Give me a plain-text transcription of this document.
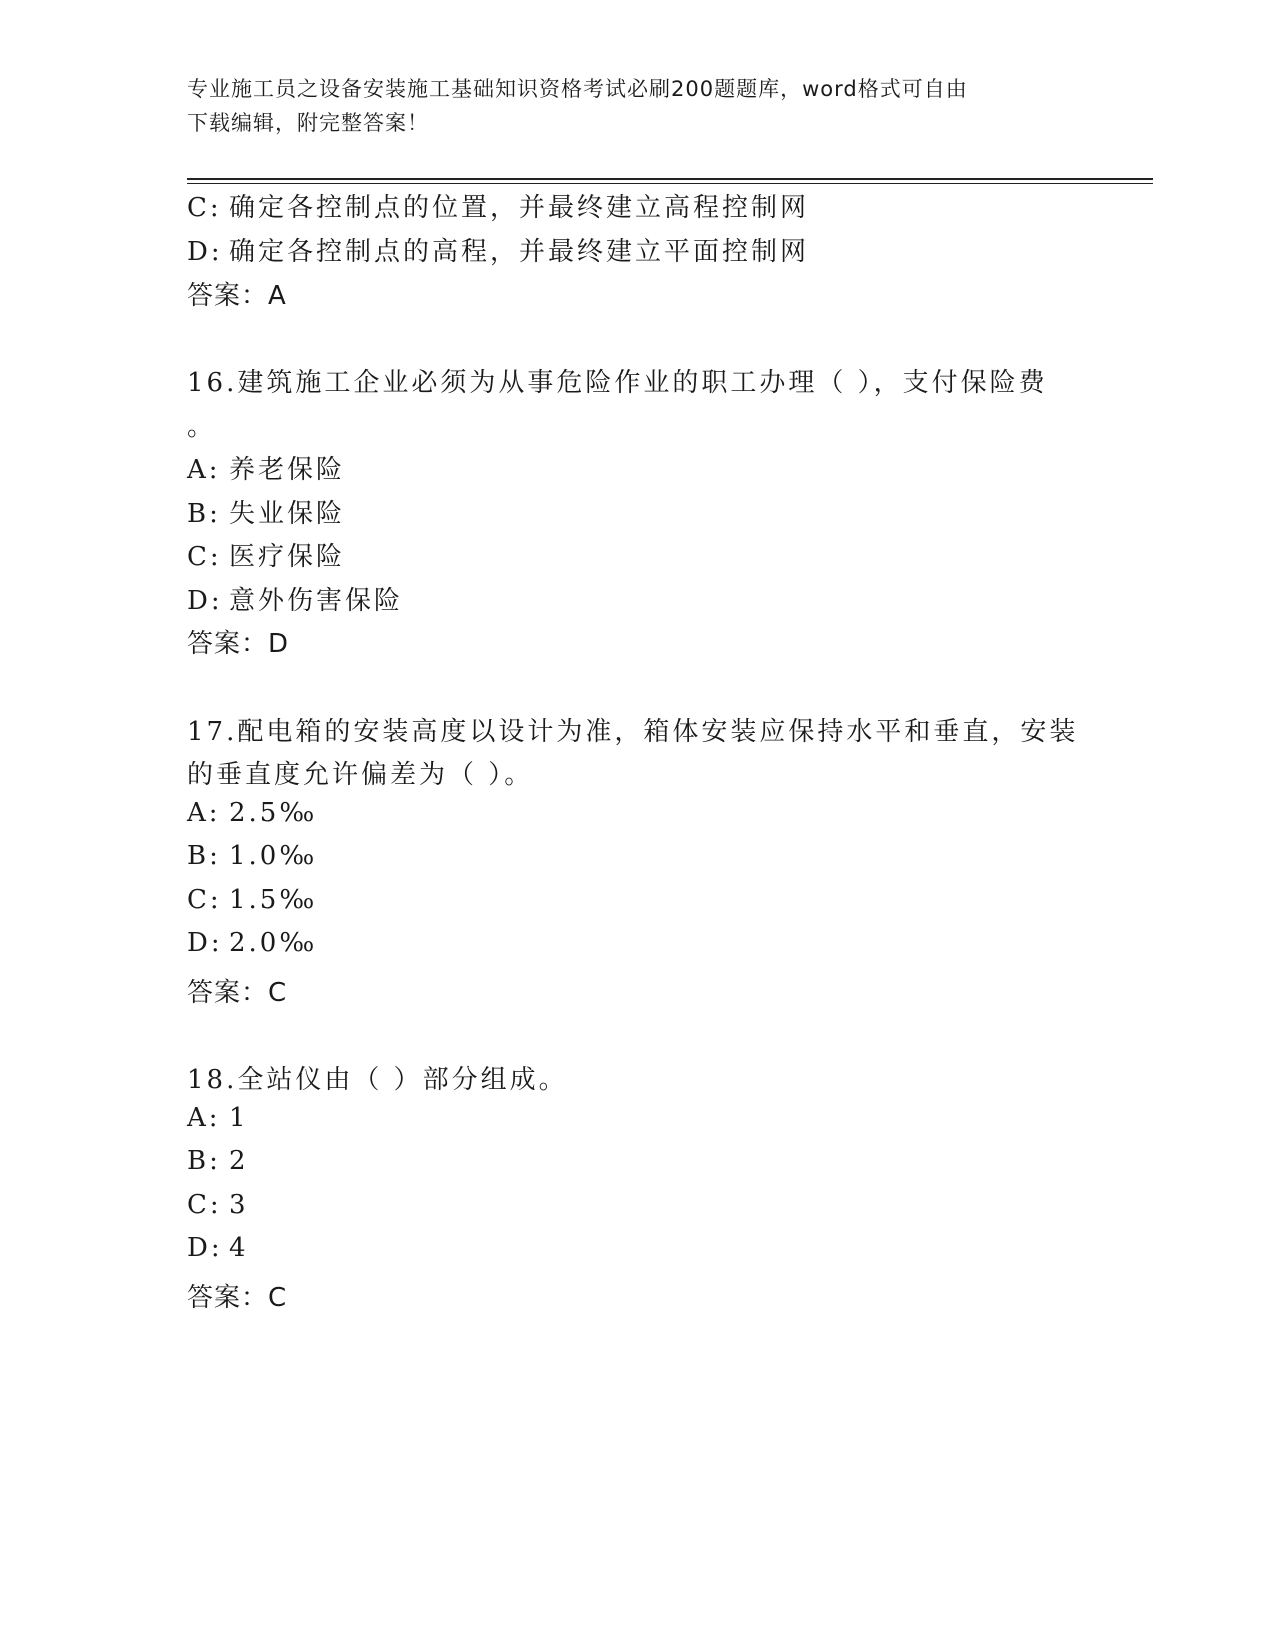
专业施工员之设备安装施工基础知识资格考试必刷200题题库，word格式可自由
下载编辑，附完整答案！
C: 确定各控制点的位置，并最终建立高程控制网
D: 确定各控制点的高程，并最终建立平面控制网
答案：A
16.建筑施工企业必须为从事危险作业的职工办理（ ），支付保险费
。
A: 养老保险
B: 失业保险
C: 医疗保险
D: 意外伤害保险
答案：D
17.配电箱的安装高度以设计为准，箱体安装应保持水平和垂直，安装
的垂直度允许偏差为（ ）。
A: 2.5‰
B: 1.0‰
C: 1.5‰
D: 2.0‰
答案：C
18.全站仪由（ ）部分组成。
A: 1
B: 2
C: 3
D: 4
答案：C
